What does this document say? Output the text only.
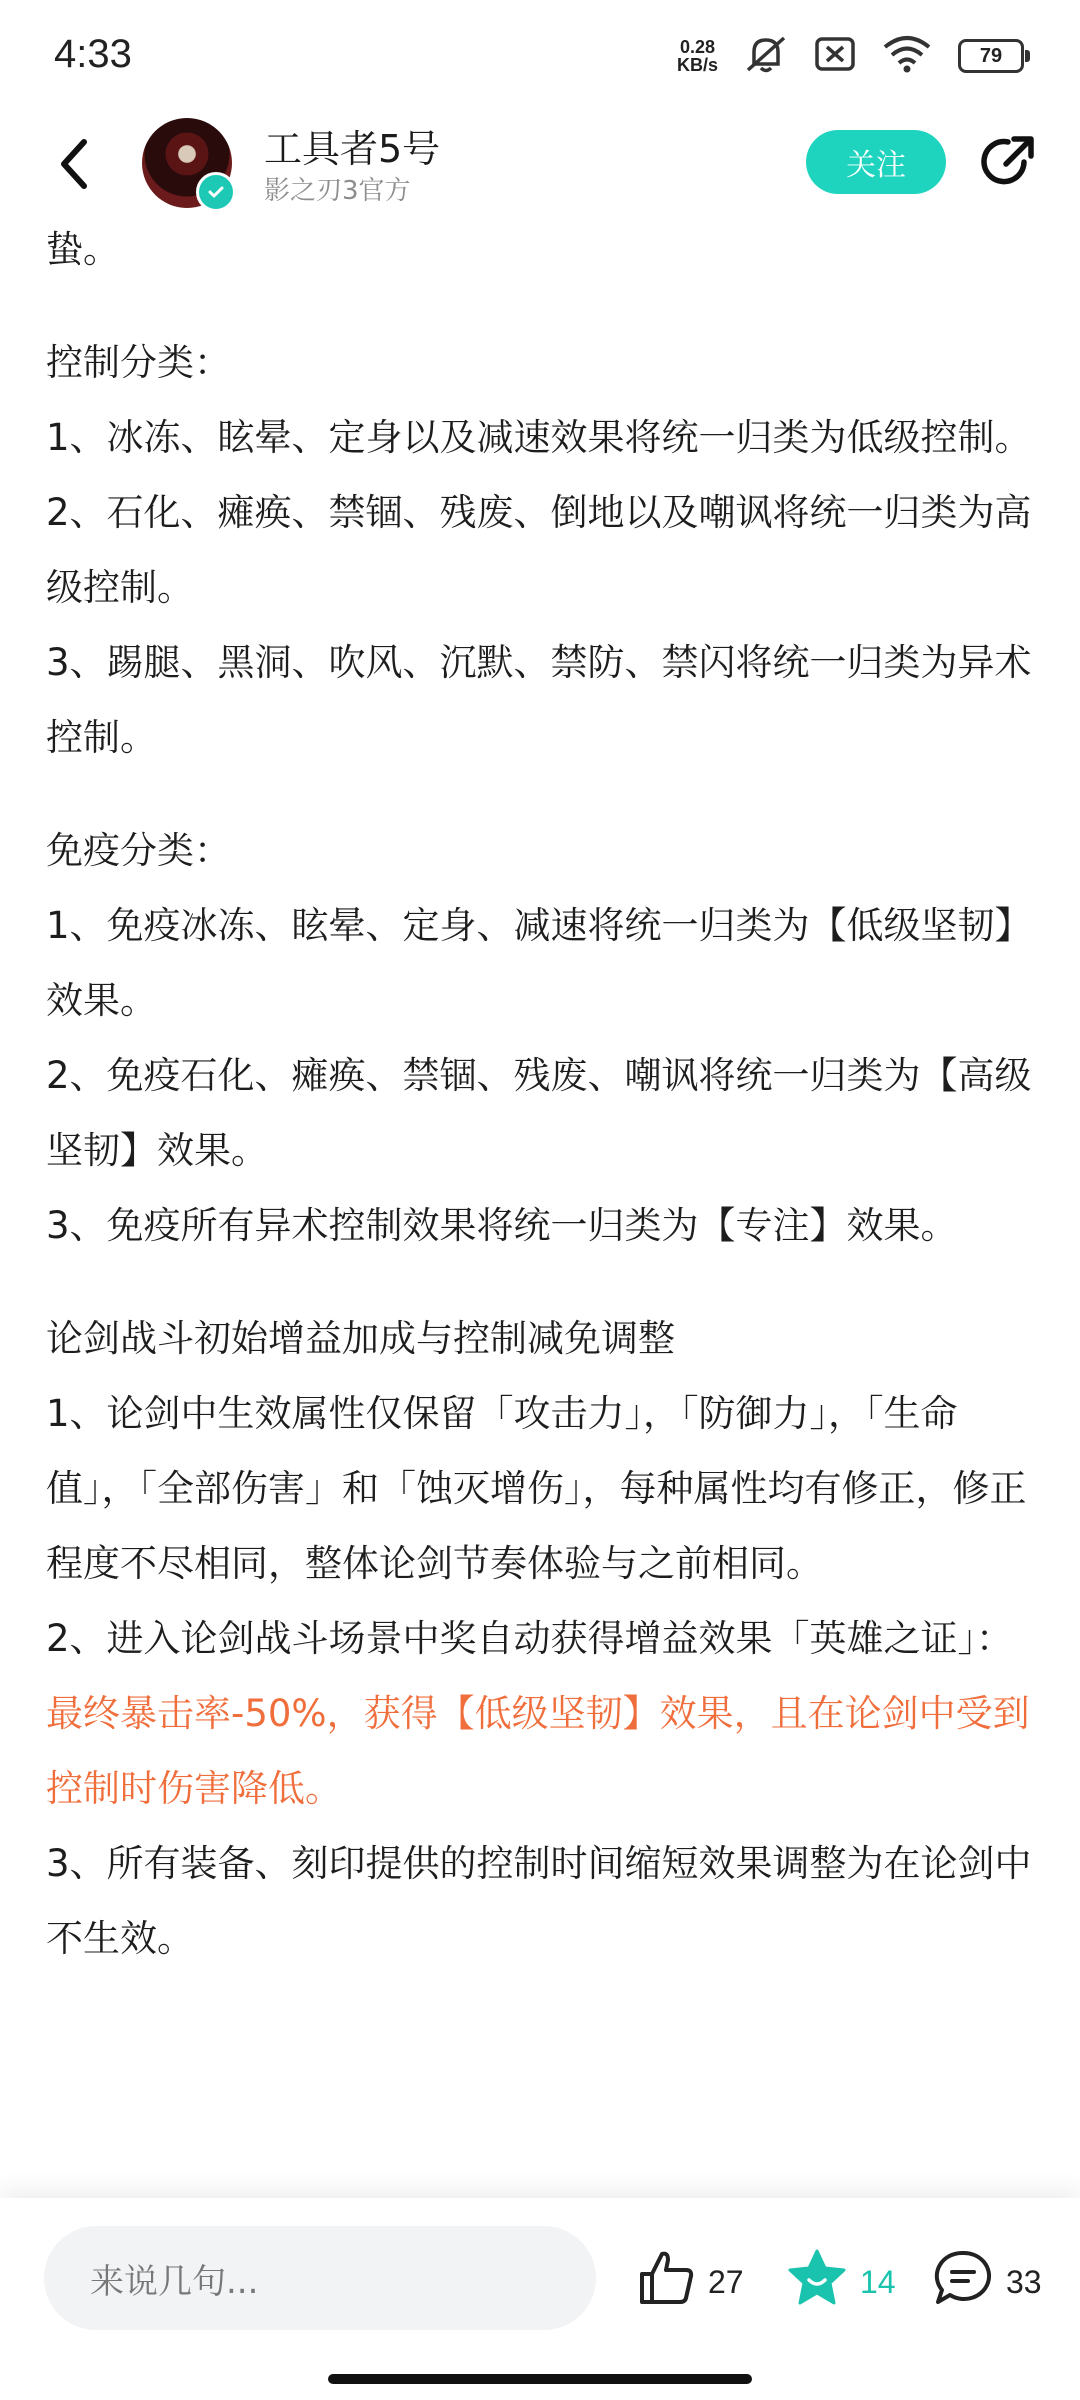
4:33	0.28
KB/s	79
工具者5号
影之刃3官方
关注

蛰。

控制分类：

1、冰冻、眩晕、定身以及减速效果将统一归类为低级控制。

2、石化、瘫痪、禁锢、残废、倒地以及嘲讽将统一归类为高级控制。

3、踢腿、黑洞、吹风、沉默、禁防、禁闪将统一归类为异术控制。

免疫分类：

1、免疫冰冻、眩晕、定身、减速将统一归类为【低级坚韧】效果。

2、免疫石化、瘫痪、禁锢、残废、嘲讽将统一归类为【高级坚韧】效果。

3、免疫所有异术控制效果将统一归类为【专注】效果。

论剑战斗初始增益加成与控制减免调整

1、论剑中生效属性仅保留「攻击力」，「防御力」，「生命值」，「全部伤害」和「蚀灭增伤」，每种属性均有修正，修正程度不尽相同，整体论剑节奏体验与之前相同。

2、进入论剑战斗场景中奖自动获得增益效果「英雄之证」：最终暴击率-50%，获得【低级坚韧】效果，且在论剑中受到控制时伤害降低。

3、所有装备、刻印提供的控制时间缩短效果调整为在论剑中不生效。

来说几句...	27	14	33
